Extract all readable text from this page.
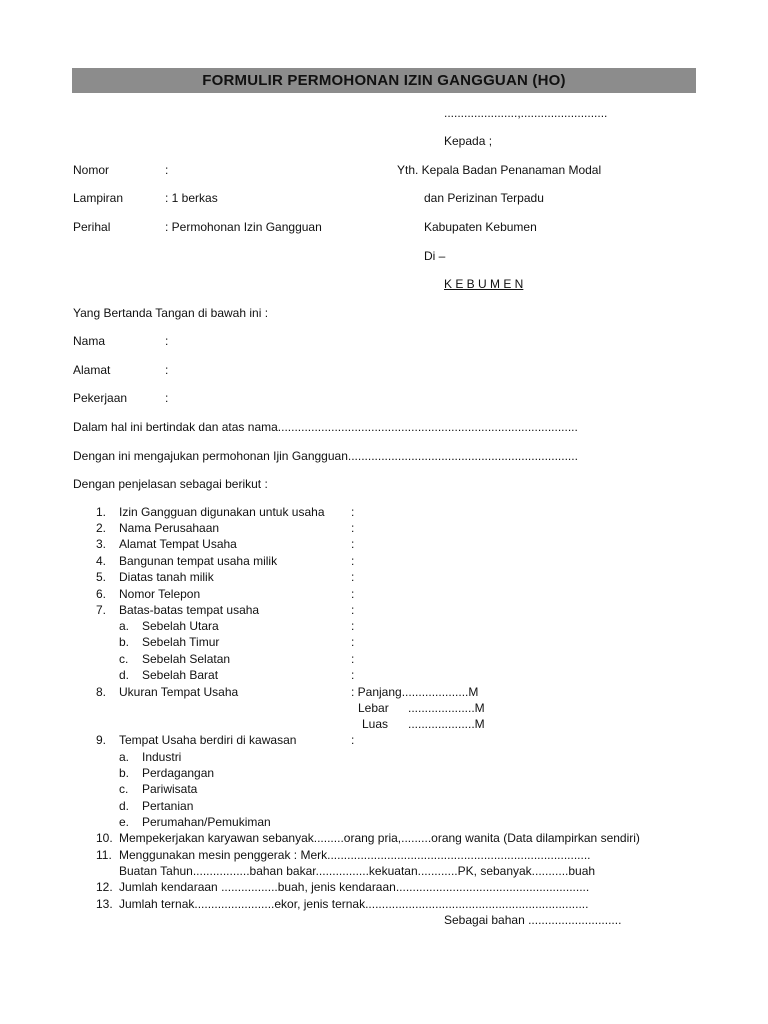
FORMULIR PERMOHONAN IZIN GANGGUAN (HO)
......................,..........................
Kepada ;
Yth. Kepala Badan Penanaman Modal
dan Perizinan Terpadu
Kabupaten Kebumen
Di –
K E B U M E N
Nomor	:
Lampiran	: 1 berkas
Perihal	: Permohonan Izin Gangguan
Yang Bertanda Tangan di bawah ini :
Nama	:
Alamat	:
Pekerjaan	:
Dalam hal ini bertindak dan atas nama..........................................................................................
Dengan ini mengajukan permohonan Ijin Gangguan.....................................................................
Dengan penjelasan sebagai berikut :
1. Izin Gangguan digunakan untuk usaha :
2. Nama Perusahaan	:
3. Alamat Tempat Usaha	:
4. Bangunan tempat usaha milik	:
5. Diatas tanah milik	:
6. Nomor Telepon	:
7. Batas-batas tempat usaha	:
a. Sebelah Utara	:
b. Sebelah Timur	:
c. Sebelah Selatan	:
d. Sebelah Barat	:
8. Ukuran Tempat Usaha	: Panjang....................M
Lebar ....................M
Luas ....................M
9. Tempat Usaha berdiri di kawasan	:
a. Industri
b. Perdagangan
c. Pariwisata
d. Pertanian
e. Perumahan/Pemukiman
10. Mempekerjakan karyawan sebanyak.........orang pria,.........orang wanita (Data dilampirkan sendiri)
11. Menggunakan mesin penggerak : Merk...............................................................................
Buatan Tahun.................bahan bakar................kekuatan............PK, sebanyak...........buah
12. Jumlah kendaraan .................buah, jenis kendaraan..........................................................
13. Jumlah ternak........................ekor, jenis ternak...................................................................
Sebagai bahan ............................
